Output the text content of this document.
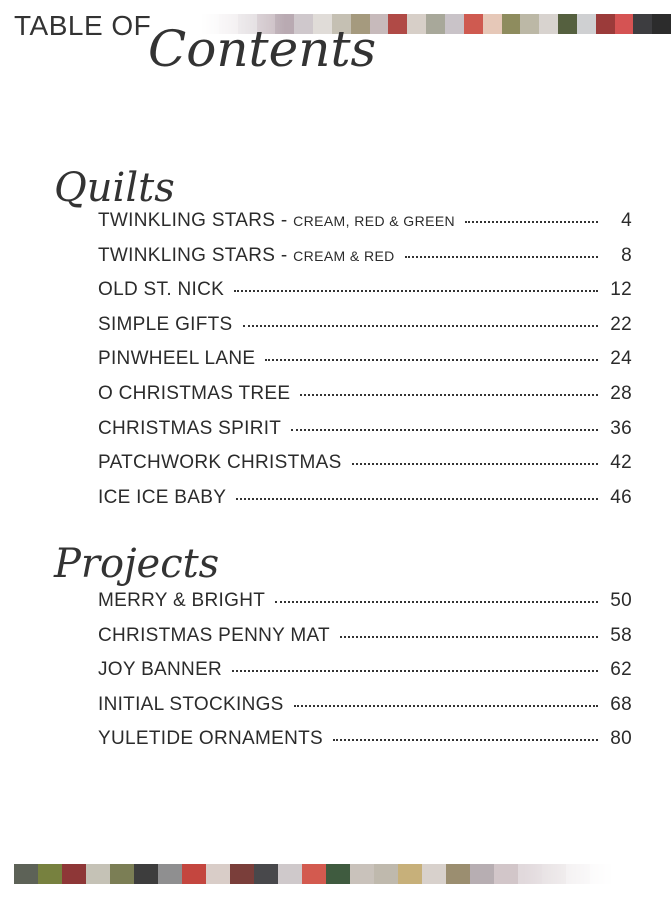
TABLE OF
Contents
Quilts
TWINKLING STARS - CREAM, RED & GREEN	4
TWINKLING STARS - CREAM & RED	8
OLD ST. NICK	12
SIMPLE GIFTS	22
PINWHEEL LANE	24
O CHRISTMAS TREE	28
CHRISTMAS SPIRIT	36
PATCHWORK CHRISTMAS	42
ICE ICE BABY	46
Projects
MERRY & BRIGHT	50
CHRISTMAS PENNY MAT	58
JOY BANNER	62
INITIAL STOCKINGS	68
YULETIDE ORNAMENTS	80
